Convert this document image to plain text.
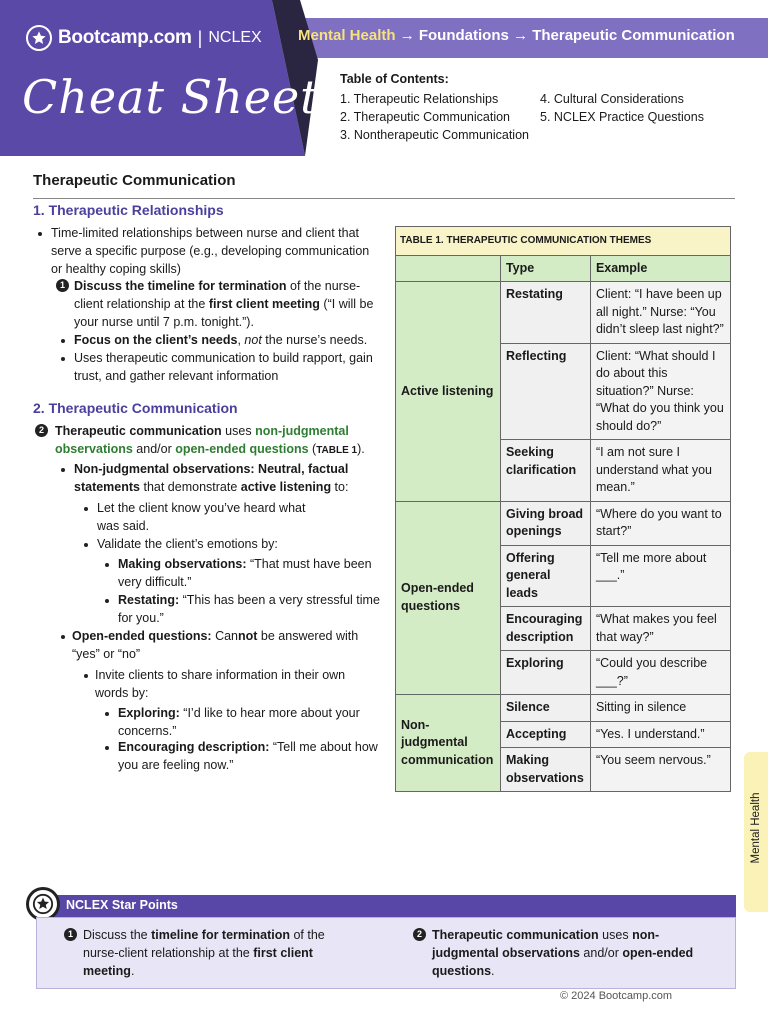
Bootcamp.com | NCLEX
Cheat Sheets
Mental Health → Foundations → Therapeutic Communication
Table of Contents:
1. Therapeutic Relationships
2. Therapeutic Communication
3. Nontherapeutic Communication
4. Cultural Considerations
5. NCLEX Practice Questions
Therapeutic Communication
1. Therapeutic Relationships
Time-limited relationships between nurse and client that serve a specific purpose (e.g., developing communication or healthy coping skills)
1 Discuss the timeline for termination of the nurse-client relationship at the first client meeting (“I will be your nurse until 7 p.m. tonight.”).
Focus on the client’s needs, not the nurse’s needs.
Uses therapeutic communication to build rapport, gain trust, and gather relevant information
2. Therapeutic Communication
2 Therapeutic communication uses non-judgmental observations and/or open-ended questions (TABLE 1).
Non-judgmental observations: Neutral, factual statements that demonstrate active listening to:
Let the client know you’ve heard what was said.
Validate the client’s emotions by:
Making observations: “That must have been very difficult.”
Restating: “This has been a very stressful time for you.”
Open-ended questions: Cannot be answered with “yes” or “no”
Invite clients to share information in their own words by:
Exploring: “I’d like to hear more about your concerns.”
Encouraging description: “Tell me about how you are feeling now.”
TABLE 1. THERAPEUTIC COMMUNICATION THEMES		
	Type	Example
Active listening	Restating	Client: “I have been up all night.” Nurse: “You didn’t sleep last night?”
	Reflecting	Client: “What should I do about this situation?” Nurse: “What do you think you should do?”
	Seeking clarification	“I am not sure I understand what you mean.”
Open-ended questions	Giving broad openings	“Where do you want to start?”
	Offering general leads	“Tell me more about ___.”
	Encouraging description	“What makes you feel that way?”
	Exploring	“Could you describe ___?”
Non-judgmental communication	Silence	Sitting in silence
	Accepting	“Yes. I understand.”
	Making observations	“You seem nervous.”
Mental Health
NCLEX Star Points
1 Discuss the timeline for termination of the nurse-client relationship at the first client meeting.
2 Therapeutic communication uses non-judgmental observations and/or open-ended questions.
© 2024 Bootcamp.com
